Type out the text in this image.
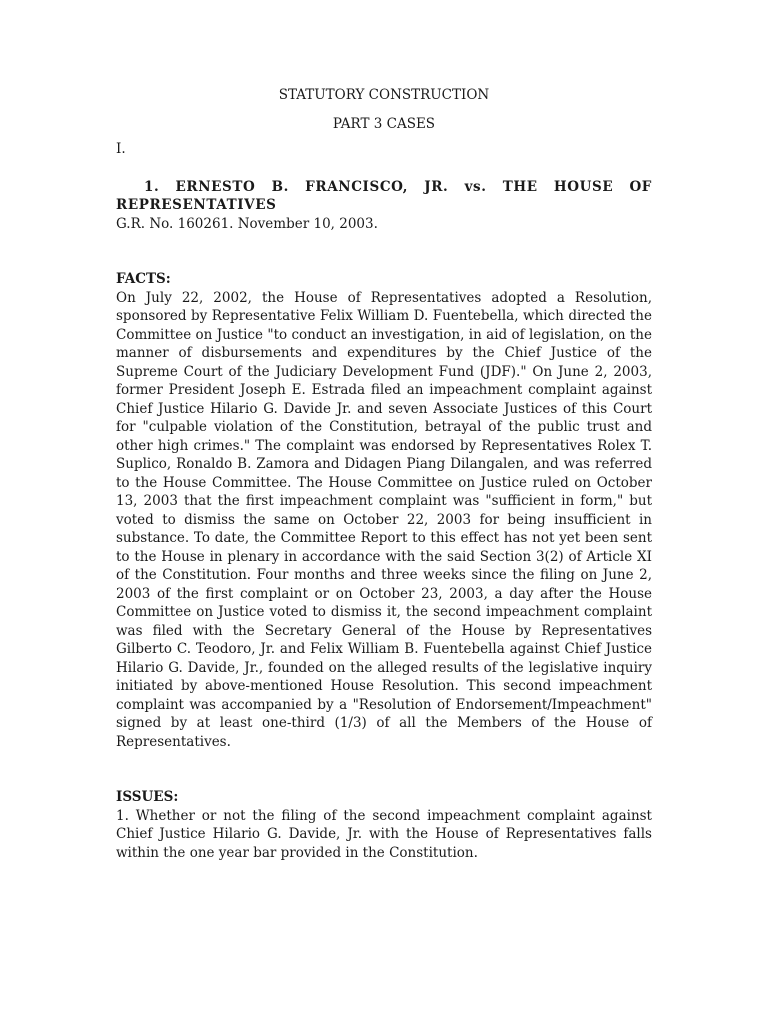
STATUTORY CONSTRUCTION

PART 3 CASES

I.

1. ERNESTO B. FRANCISCO, JR. vs. THE HOUSE OF

REPRESENTATIVES

G.R. No. 160261. November 10, 2003.

FACTS:

On July 22, 2002, the House of Representatives adopted a Resolution, sponsored by Representative Felix William D. Fuentebella, which directed the Committee on Justice "to conduct an investigation, in aid of legislation, on the manner of disbursements and expenditures by the Chief Justice of the Supreme Court of the Judiciary Development Fund (JDF)." On June 2, 2003, former President Joseph E. Estrada filed an impeachment complaint against Chief Justice Hilario G. Davide Jr. and seven Associate Justices of this Court for "culpable violation of the Constitution, betrayal of the public trust and other high crimes." The complaint was endorsed by Representatives Rolex T. Suplico, Ronaldo B. Zamora and Didagen Piang Dilangalen, and was referred to the House Committee. The House Committee on Justice ruled on October 13, 2003 that the first impeachment complaint was "sufficient in form," but voted to dismiss the same on October 22, 2003 for being insufficient in substance. To date, the Committee Report to this effect has not yet been sent to the House in plenary in accordance with the said Section 3(2) of Article XI of the Constitution. Four months and three weeks since the filing on June 2, 2003 of the first complaint or on October 23, 2003, a day after the House Committee on Justice voted to dismiss it, the second impeachment complaint was filed with the Secretary General of the House by Representatives Gilberto C. Teodoro, Jr. and Felix William B. Fuentebella against Chief Justice Hilario G. Davide, Jr., founded on the alleged results of the legislative inquiry initiated by above-mentioned House Resolution. This second impeachment complaint was accompanied by a "Resolution of Endorsement/Impeachment" signed by at least one-third (1/3) of all the Members of the House of Representatives.

ISSUES:

1. Whether or not the filing of the second impeachment complaint against Chief Justice Hilario G. Davide, Jr. with the House of Representatives falls within the one year bar provided in the Constitution.
